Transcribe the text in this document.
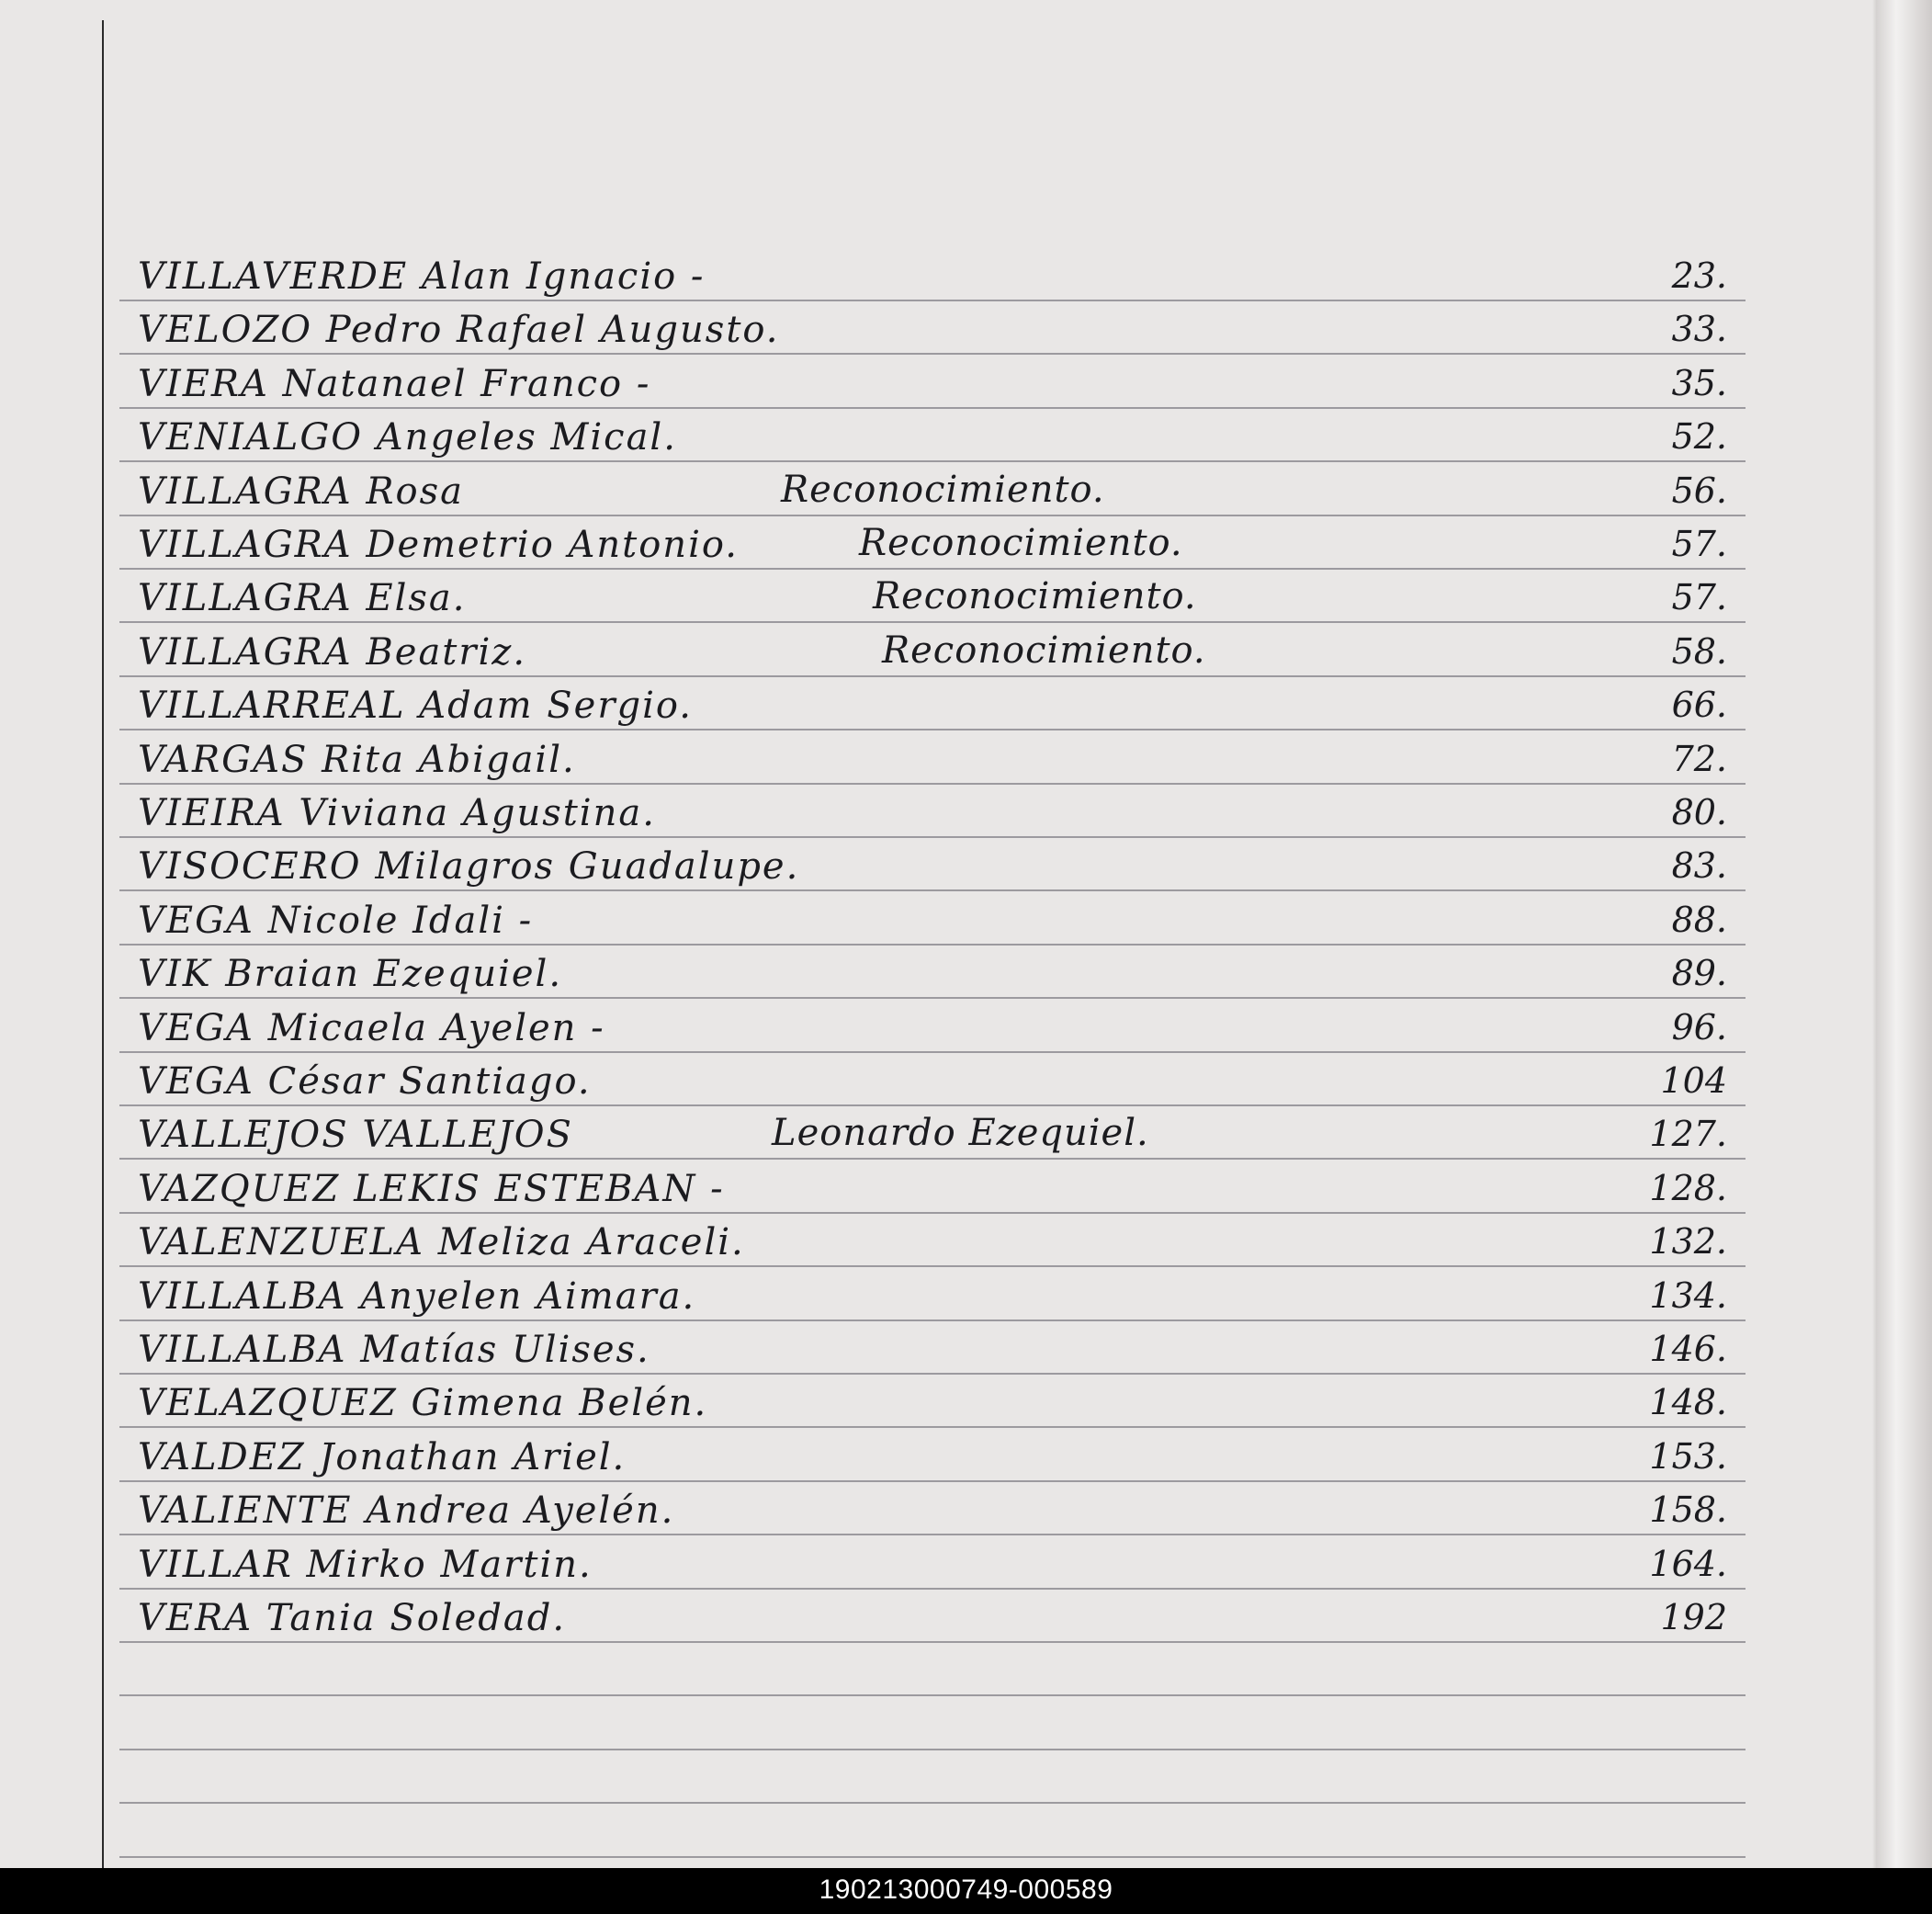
VILLAVERDE Alan Ignacio -	23.
VELOZO Pedro Rafael Augusto.	33.
VIERA Natanael Franco -	35.
VENIALGO Angeles Mical.	52.
VILLAGRA Rosa	Reconocimiento.	56.
VILLAGRA Demetrio Antonio.	Reconocimiento.	57.
VILLAGRA Elsa.	Reconocimiento.	57.
VILLAGRA Beatriz.	Reconocimiento.	58.
VILLARREAL Adam Sergio.	66.
VARGAS Rita Abigail.	72.
VIEIRA Viviana Agustina.	80.
VISOCERO Milagros Guadalupe.	83.
VEGA Nicole Idali -	88.
VIK Braian Ezequiel.	89.
VEGA Micaela Ayelen -	96.
VEGA César Santiago.	104
VALLEJOS VALLEJOS	Leonardo Ezequiel.	127.
VAZQUEZ LEKIS ESTEBAN -	128.
VALENZUELA Meliza Araceli.	132.
VILLALBA Anyelen Aimara.	134.
VILLALBA Matías Ulises.	146.
VELAZQUEZ Gimena Belén.	148.
VALDEZ Jonathan Ariel.	153.
VALIENTE Andrea Ayelén.	158.
VILLAR Mirko Martin.	164.
VERA Tania Soledad.	192
190213000749-000589
